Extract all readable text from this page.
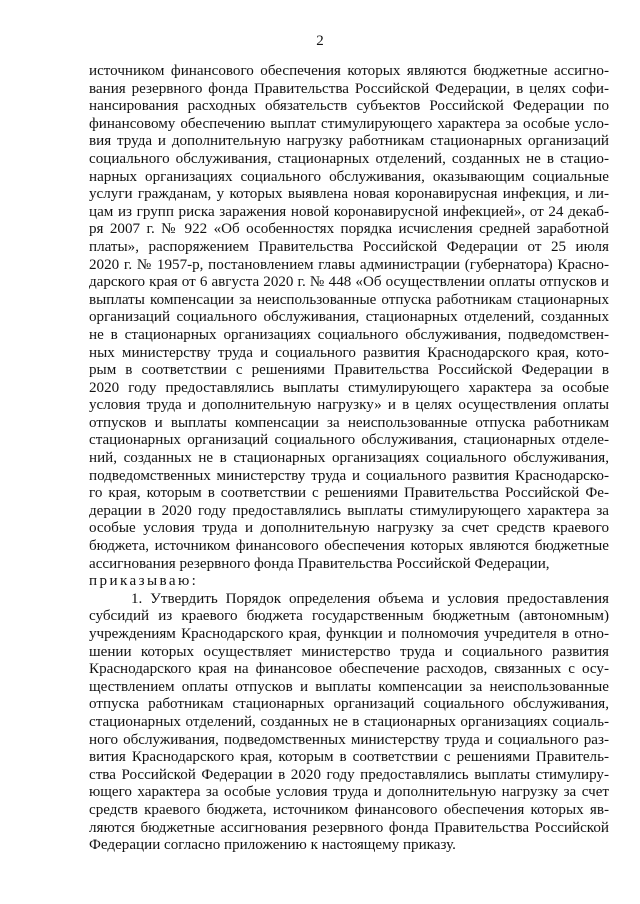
2
источником финансового обеспечения которых являются бюджетные ассигно-
вания резервного фонда Правительства Российской Федерации, в целях софи-
нансирования расходных обязательств субъектов Российской Федерации по
финансовому обеспечению выплат стимулирующего характера за особые усло-
вия труда и дополнительную нагрузку работникам стационарных организаций
социального обслуживания, стационарных отделений, созданных не в стацио-
нарных организациях социального обслуживания, оказывающим социальные
услуги гражданам, у которых выявлена новая коронавирусная инфекция, и ли-
цам из групп риска заражения новой коронавирусной инфекцией», от 24 декаб-
ря 2007 г. № 922 «Об особенностях порядка исчисления средней заработной
платы», распоряжением Правительства Российской Федерации от 25 июля
2020 г. № 1957-р, постановлением главы администрации (губернатора) Красно-
дарского края от 6 августа 2020 г. № 448 «Об осуществлении оплаты отпусков и
выплаты компенсации за неиспользованные отпуска работникам стационарных
организаций социального обслуживания, стационарных отделений, созданных
не в стационарных организациях социального обслуживания, подведомствен-
ных министерству труда и социального развития Краснодарского края, кото-
рым в соответствии с решениями Правительства Российской Федерации в
2020 году предоставлялись выплаты стимулирующего характера за особые
условия труда и дополнительную нагрузку» и в целях осуществления оплаты
отпусков и выплаты компенсации за неиспользованные отпуска работникам
стационарных организаций социального обслуживания, стационарных отделе-
ний, созданных не в стационарных организациях социального обслуживания,
подведомственных министерству труда и социального развития Краснодарско-
го края, которым в соответствии с решениями Правительства Российской Фе-
дерации в 2020 году предоставлялись выплаты стимулирующего характера за
особые условия труда и дополнительную нагрузку за счет средств краевого
бюджета, источником финансового обеспечения которых являются бюджетные
ассигнования резервного фонда Правительства Российской Федерации,
приказываю:
1. Утвердить Порядок определения объема и условия предоставления
субсидий из краевого бюджета государственным бюджетным (автономным)
учреждениям Краснодарского края, функции и полномочия учредителя в отно-
шении которых осуществляет министерство труда и социального развития
Краснодарского края на финансовое обеспечение расходов, связанных с осу-
ществлением оплаты отпусков и выплаты компенсации за неиспользованные
отпуска работникам стационарных организаций социального обслуживания,
стационарных отделений, созданных не в стационарных организациях социаль-
ного обслуживания, подведомственных министерству труда и социального раз-
вития Краснодарского края, которым в соответствии с решениями Правитель-
ства Российской Федерации в 2020 году предоставлялись выплаты стимулиру-
ющего характера за особые условия труда и дополнительную нагрузку за счет
средств краевого бюджета, источником финансового обеспечения которых яв-
ляются бюджетные ассигнования резервного фонда Правительства Российской
Федерации согласно приложению к настоящему приказу.
